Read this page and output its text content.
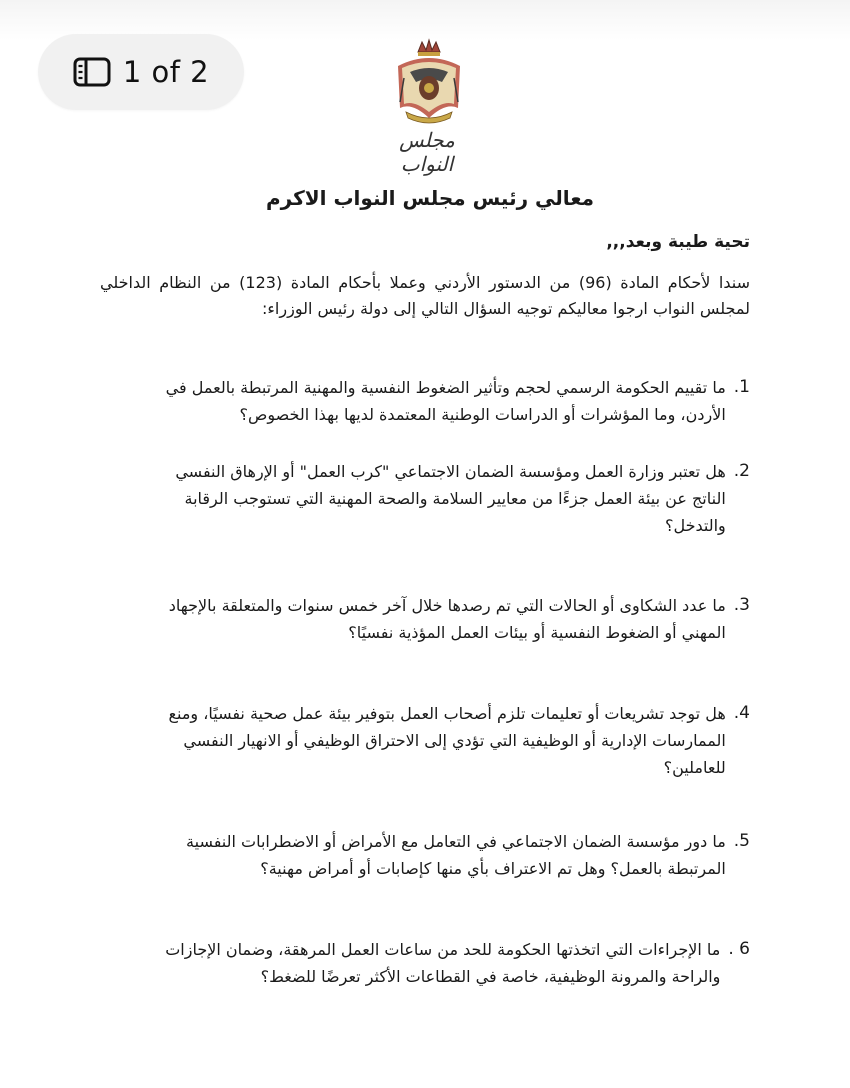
1 of 2
مجلس النواب
معالي رئيس مجلس النواب الاكرم
تحية طيبة وبعد,,,
سندا لأحكام المادة (96) من الدستور الأردني وعملا بأحكام المادة (123) من النظام الداخلي لمجلس النواب ارجوا معاليكم توجيه السؤال التالي إلى دولة رئيس الوزراء:
1.
ما تقييم الحكومة الرسمي لحجم وتأثير الضغوط النفسية والمهنية المرتبطة بالعمل في الأردن، وما المؤشرات أو الدراسات الوطنية المعتمدة لديها بهذا الخصوص؟
2.
هل تعتبر وزارة العمل ومؤسسة الضمان الاجتماعي "كرب العمل" أو الإرهاق النفسي الناتج عن بيئة العمل جزءًا من معايير السلامة والصحة المهنية التي تستوجب الرقابة والتدخل؟
3.
ما عدد الشكاوى أو الحالات التي تم رصدها خلال آخر خمس سنوات والمتعلقة بالإجهاد المهني أو الضغوط النفسية أو بيئات العمل المؤذية نفسيًا؟
4.
هل توجد تشريعات أو تعليمات تلزم أصحاب العمل بتوفير بيئة عمل صحية نفسيًا، ومنع الممارسات الإدارية أو الوظيفية التي تؤدي إلى الاحتراق الوظيفي أو الانهيار النفسي للعاملين؟
5.
ما دور مؤسسة الضمان الاجتماعي في التعامل مع الأمراض أو الاضطرابات النفسية المرتبطة بالعمل؟ وهل تم الاعتراف بأي منها كإصابات أو أمراض مهنية؟
6 .
ما الإجراءات التي اتخذتها الحكومة للحد من ساعات العمل المرهقة، وضمان الإجازات والراحة والمرونة الوظيفية، خاصة في القطاعات الأكثر تعرضًا للضغط؟
